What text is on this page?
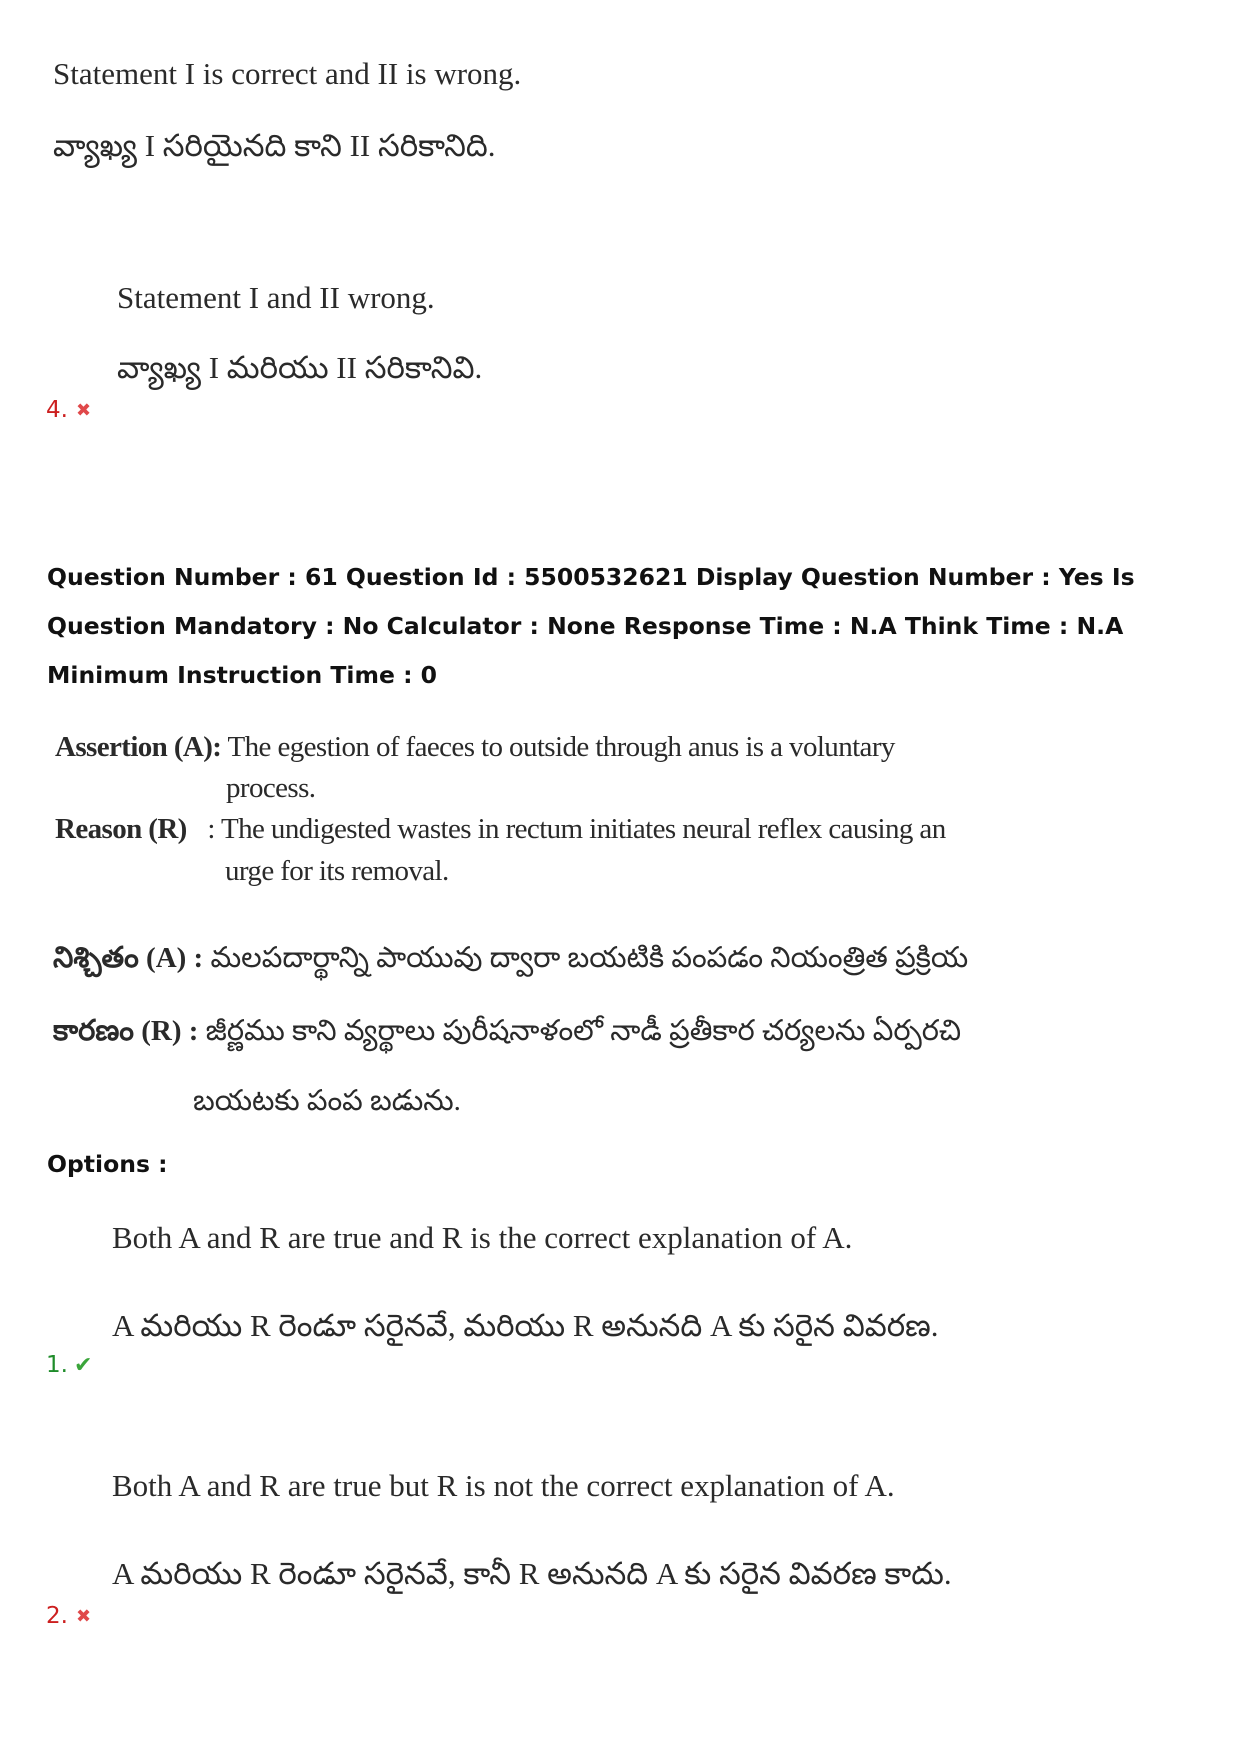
Statement I is correct and II is wrong.
వ్యాఖ్య I సరియైనది కాని II సరికానిది.
Statement I and II wrong.
వ్యాఖ్య I మరియు II సరికానివి.
4. ✖
Question Number : 61 Question Id : 5500532621 Display Question Number : Yes Is Question Mandatory : No Calculator : None Response Time : N.A Think Time : N.A Minimum Instruction Time : 0
Assertion (A): The egestion of faeces to outside through anus is a voluntary
process.
Reason (R) : The undigested wastes in rectum initiates neural reflex causing an
urge for its removal.
నిశ్చితం (A) : మలపదార్థాన్ని పాయువు ద్వారా బయటికి పంపడం నియంత్రిత ప్రక్రియ
కారణం (R) : జీర్ణము కాని వ్యర్థాలు పురీషనాళంలో నాడీ ప్రతీకార చర్యలను ఏర్పరచి
బయటకు పంప బడును.
Options :
Both A and R are true and R is the correct explanation of A.
A మరియు R రెండూ సరైనవే, మరియు R అనునది A కు సరైన వివరణ.
1. ✔
Both A and R are true but R is not the correct explanation of A.
A మరియు R రెండూ సరైనవే, కానీ R అనునది A కు సరైన వివరణ కాదు.
2. ✖
